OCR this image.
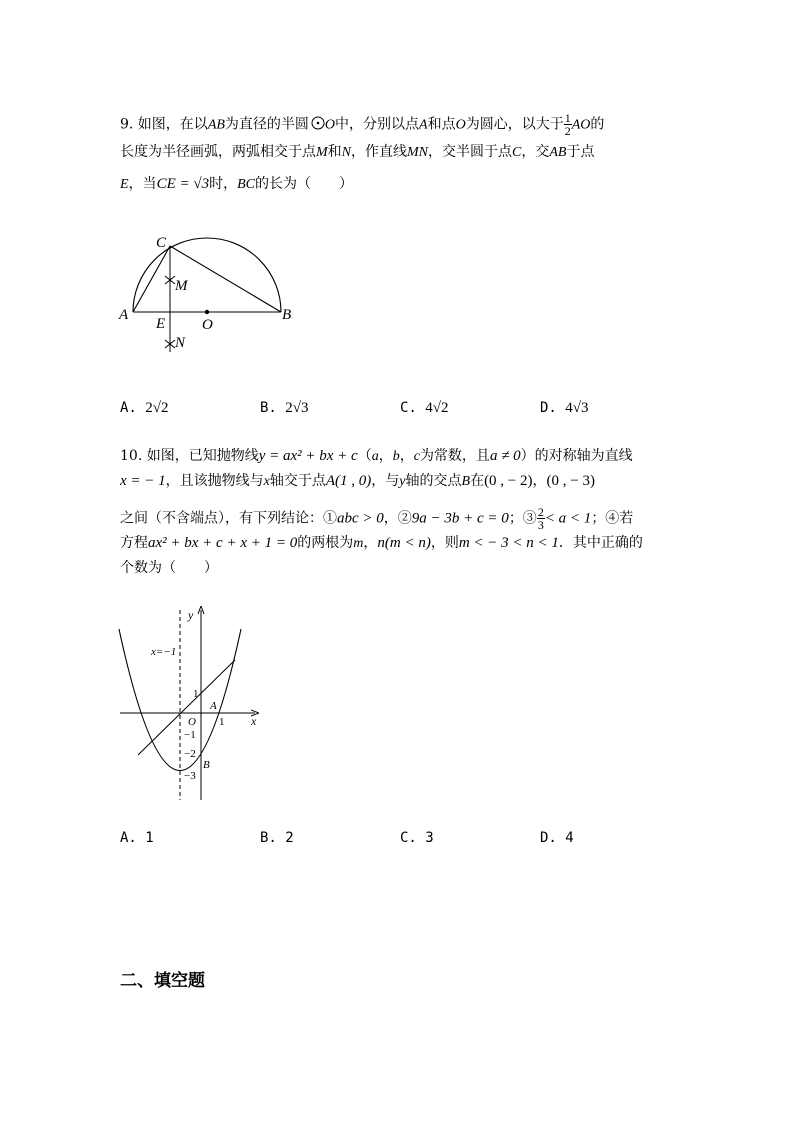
9. 如图，在以AB为直径的半圆 O中，分别以点A和点O为圆心，以大于 $\frac{1}{2}$ AO的
长度为半径画弧，两弧相交于点M和N，作直线MN，交半圆于点C，交AB于点
E，当CE = √3时，BC的长为（　　）
C
M
A
E O
B
N
A. 2√2	B. 2√3	C. 4√2	D. 4√3
10. 如图，已知抛物线y = ax² + bx + c（a，b，c为常数，且a ≠ 0）的对称轴为直线
x = − 1，且该抛物线与x轴交于点A(1 , 0)，与y轴的交点B在(0 , − 2)，(0 , − 3)
之间（不含端点），有下列结论：①abc > 0，②9a − 3b + c = 0；③ $\frac{2}{3} < a < 1$；④若
方程ax² + bx + c + x + 1 = 0的两根为m，n(m < n)，则m < − 3 < n < 1．其中正确的
个数为（　　）
y
x
x=−1
1
O
A
1
−1
−2
−3
B
A. 1	B. 2	C. 3	D. 4
二、填空题
